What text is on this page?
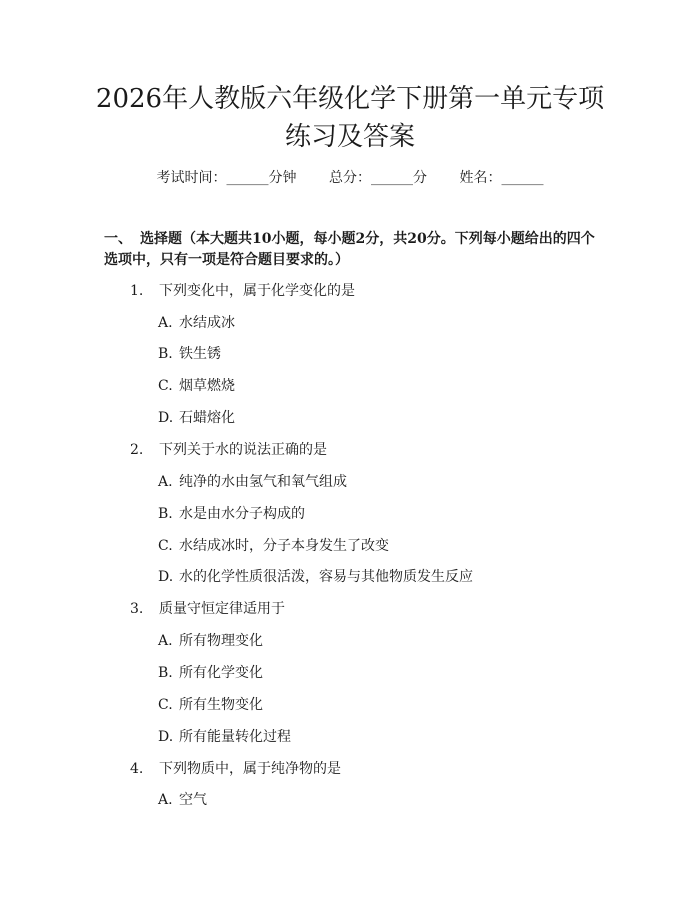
2026年人教版六年级化学下册第一单元专项
练习及答案
考试时间：______分钟 总分：______分 姓名：______
一、 选择题（本大题共10小题，每小题2分，共20分。下列每小题给出的四个选项中，只有一项是符合题目要求的。）
1. 下列变化中，属于化学变化的是
A. 水结成冰
B. 铁生锈
C. 烟草燃烧
D. 石蜡熔化
2. 下列关于水的说法正确的是
A. 纯净的水由氢气和氧气组成
B. 水是由水分子构成的
C. 水结成冰时，分子本身发生了改变
D. 水的化学性质很活泼，容易与其他物质发生反应
3. 质量守恒定律适用于
A. 所有物理变化
B. 所有化学变化
C. 所有生物变化
D. 所有能量转化过程
4. 下列物质中，属于纯净物的是
A. 空气
